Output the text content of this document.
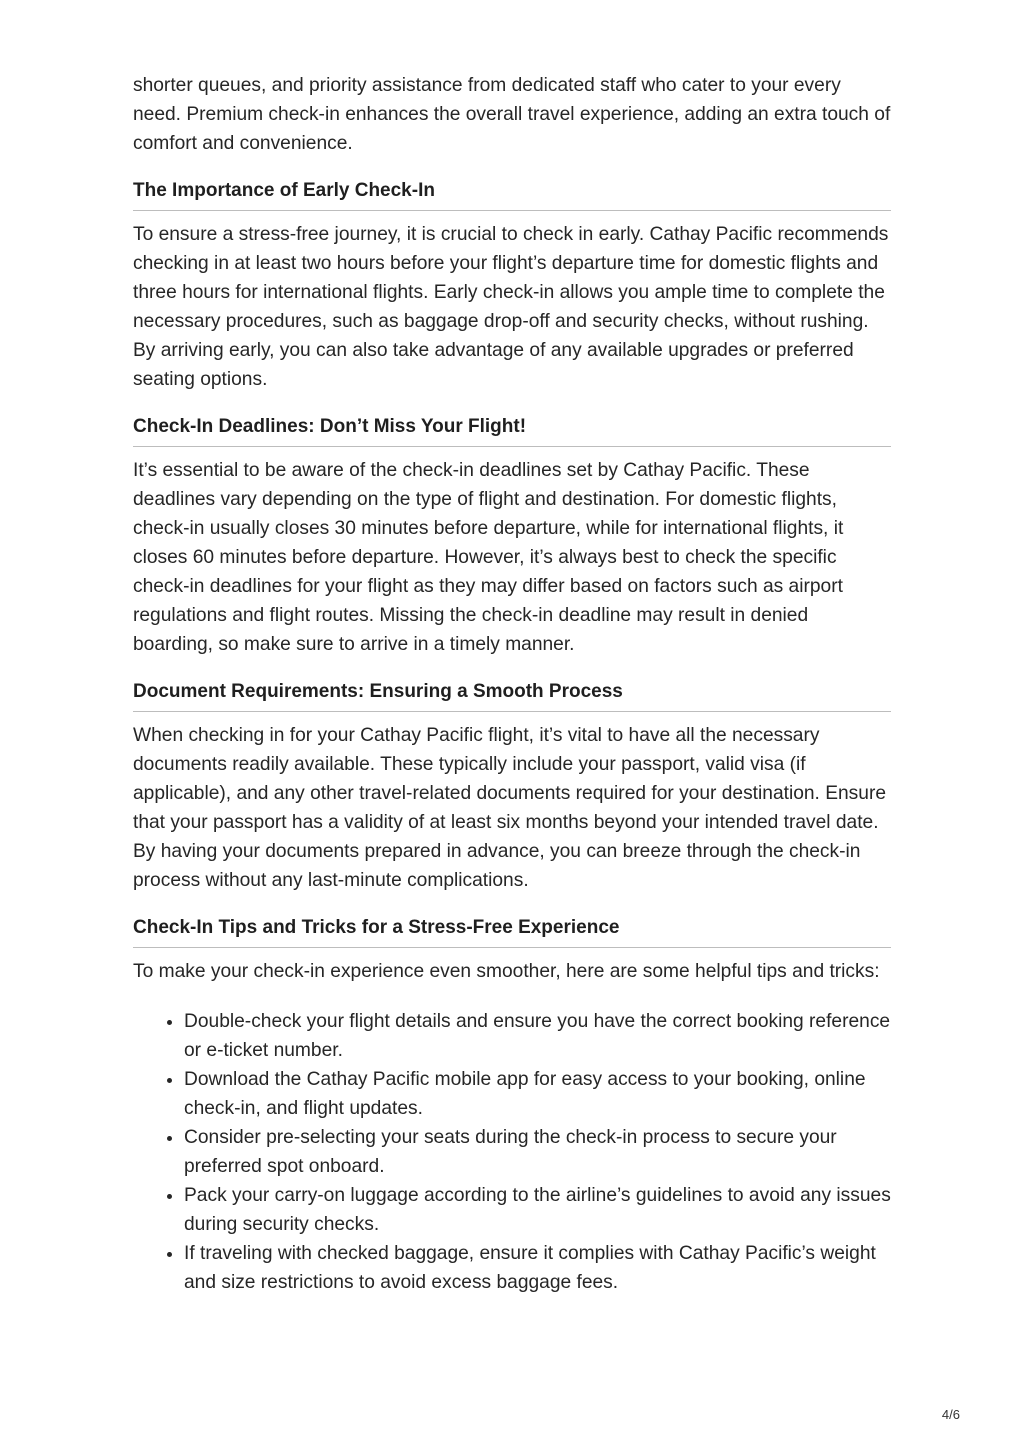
shorter queues, and priority assistance from dedicated staff who cater to your every need. Premium check-in enhances the overall travel experience, adding an extra touch of comfort and convenience.

The Importance of Early Check-In

To ensure a stress-free journey, it is crucial to check in early. Cathay Pacific recommends checking in at least two hours before your flight’s departure time for domestic flights and three hours for international flights. Early check-in allows you ample time to complete the necessary procedures, such as baggage drop-off and security checks, without rushing. By arriving early, you can also take advantage of any available upgrades or preferred seating options.

Check-In Deadlines: Don’t Miss Your Flight!

It’s essential to be aware of the check-in deadlines set by Cathay Pacific. These deadlines vary depending on the type of flight and destination. For domestic flights, check-in usually closes 30 minutes before departure, while for international flights, it closes 60 minutes before departure. However, it’s always best to check the specific check-in deadlines for your flight as they may differ based on factors such as airport regulations and flight routes. Missing the check-in deadline may result in denied boarding, so make sure to arrive in a timely manner.

Document Requirements: Ensuring a Smooth Process

When checking in for your Cathay Pacific flight, it’s vital to have all the necessary documents readily available. These typically include your passport, valid visa (if applicable), and any other travel-related documents required for your destination. Ensure that your passport has a validity of at least six months beyond your intended travel date. By having your documents prepared in advance, you can breeze through the check-in process without any last-minute complications.

Check-In Tips and Tricks for a Stress-Free Experience

To make your check-in experience even smoother, here are some helpful tips and tricks:

• Double-check your flight details and ensure you have the correct booking reference or e-ticket number.
• Download the Cathay Pacific mobile app for easy access to your booking, online check-in, and flight updates.
• Consider pre-selecting your seats during the check-in process to secure your preferred spot onboard.
• Pack your carry-on luggage according to the airline’s guidelines to avoid any issues during security checks.
• If traveling with checked baggage, ensure it complies with Cathay Pacific’s weight and size restrictions to avoid excess baggage fees.
4/6
